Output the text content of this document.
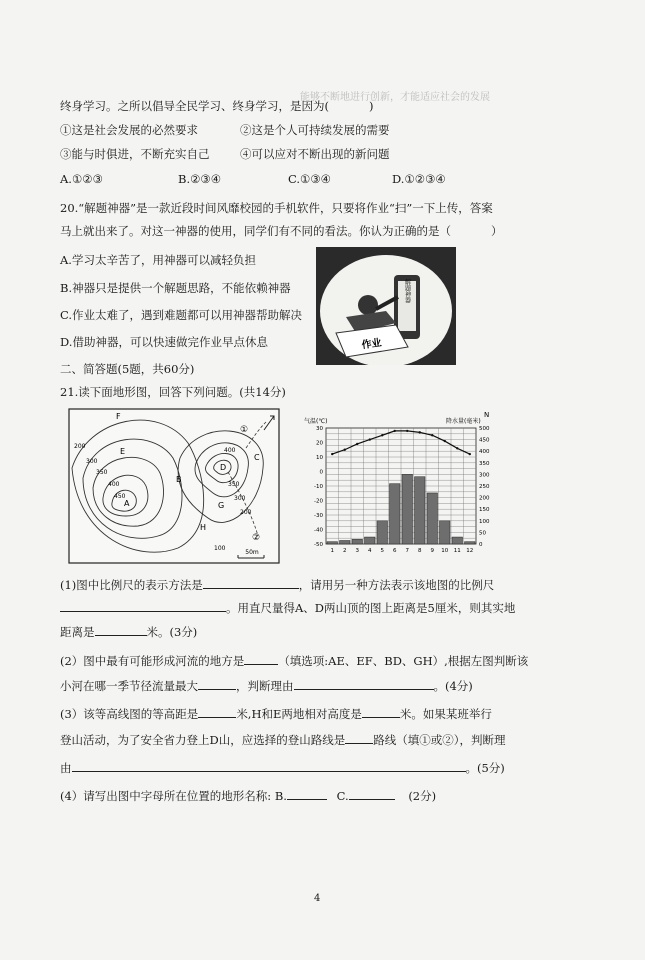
能够不断地进行创新，才能适应社会的发展
终身学习。之所以倡导全民学习、终身学习，是因为(	)
①这是社会发展的必然要求	②这是个人可持续发展的需要
③能与时俱进，不断充实自己	④可以应对不断出现的新问题
A.①②③	B.②③④	C.①③④	D.①②③④
20.“解题神器”是一款近段时间风靡校园的手机软件，只要将作业“扫”一下上传，答案
马上就出来了。对这一神器的使用，同学们有不同的看法。你认为正确的是（	）
A.学习太辛苦了，用神器可以减轻负担
B.神器只是提供一个解题思路，不能依赖神器
C.作业太难了，遇到难题都可以用神器帮助解决
D.借助神器，可以快速做完作业早点休息
解题神器
作业
二、简答题(5题，共60分)
21.读下面地形图，回答下列问题。(共14分)
F
E
A
B
C
D
G
H
①
②
200
300
350
400
450
400
350
300
200
100
50m
气温(℃)	降水量(毫米)
N
1 2 3 4 5 6 7 8 9 10 11 12
30
20
10
0
-10
-20
-30
-40
-50
500
450
400
350
300
250
200
150
100
50
0
(1)图中比例尺的表示方法是	，请用另一种方法表示该地图的比例尺
。用直尺量得A、D两山顶的图上距离是5厘米，则其实地
距离是	米。(3分)
(2）图中最有可能形成河流的地方是	（填选项:AE、EF、BD、GH）,根据左图判断该
小河在哪一季节径流量最大	，判断理由	。(4分)
(3）该等高线图的等高距是	米,H和E两地相对高度是	米。如果某班举行
登山活动，为了安全省力登上D山，应选择的登山路线是 路线（填①或②），判断理
由	。(5分)
(4）请写出图中字母所在位置的地形名称: B.	C.	(2分)
4
